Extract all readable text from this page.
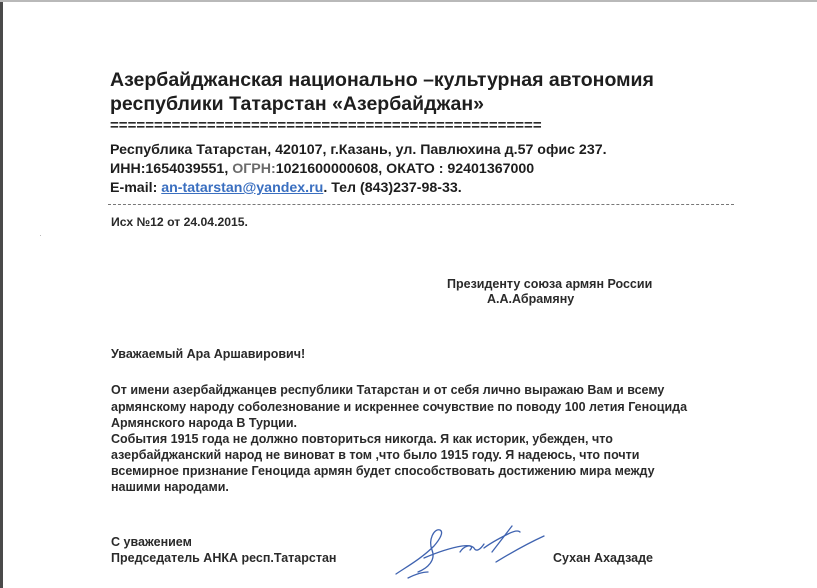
Азербайджанская национально –культурная автономия
республики Татарстан «Азербайджан»
=================================================
Республика Татарстан, 420107, г.Казань, ул. Павлюхина д.57 офис 237.
ИНН:1654039551, ОГРН:1021600000608, ОКАТО : 92401367000
E-mail: an-tatarstan@yandex.ru. Тел (843)237-98-33.
Исх №12 от 24.04.2015.
Президенту союза армян России
А.А.Абрамяну
Уважаемый Ара Аршавирович!
От имени азербайджанцев республики Татарстан и от себя лично выражаю Вам и всему
армянскому народу соболезнование и искреннее сочувствие по поводу 100 летия Геноцида
Армянского народа В Турции.
События 1915 года не должно повториться никогда. Я как историк, убежден, что
азербайджанский народ не виноват в том ,что было 1915 году. Я надеюсь, что почти
всемирное признание Геноцида армян будет способствовать достижению мира между
нашими народами.
С уважением
Председатель АНКА респ.Татарстан	Сухан Ахадзаде
